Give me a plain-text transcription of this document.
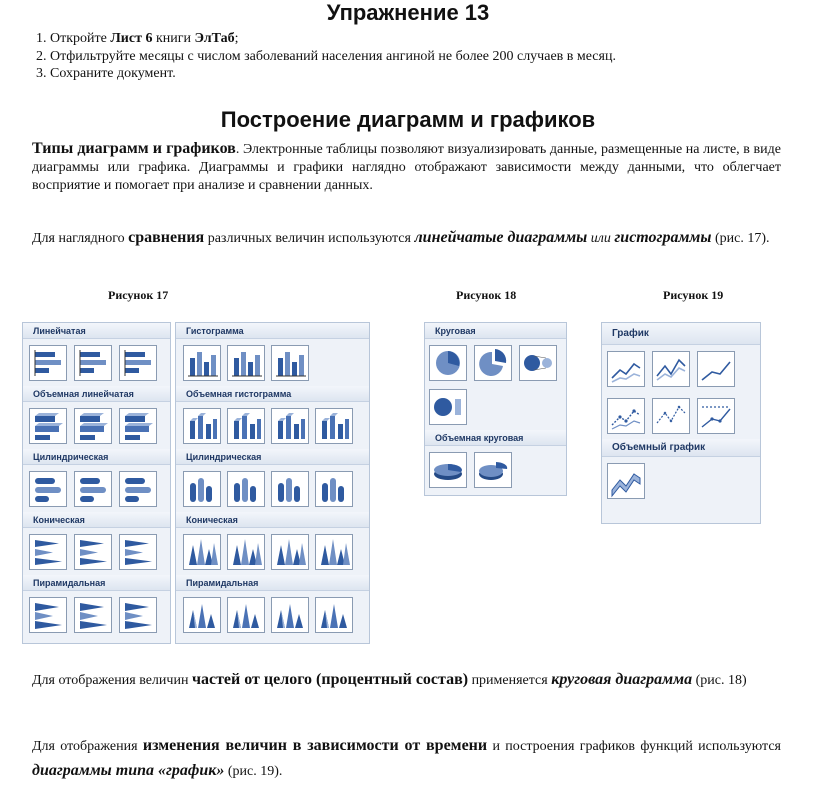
Упражнение 13
1. Откройте Лист 6 книги ЭлТаб;
2. Отфильтруйте месяцы с числом заболеваний населения ангиной не более 200 случаев в месяц.
3. Сохраните документ.
Построение диаграмм и графиков
Типы диаграмм и графиков. Электронные таблицы позволяют визуализировать данные, размещенные на листе, в виде диаграммы или графика. Диаграммы и графики наглядно отображают зависимости между данными, что облегчает восприятие и помогает при анализе и сравнении данных.
Для наглядного сравнения различных величин используются линейчатые диаграммы или гистограммы (рис. 17).
Рисунок 17	Рисунок 18	Рисунок 19
Линейчатая
Объемная линейчатая
Цилиндрическая
Коническая
Пирамидальная
Гистограмма
Объемная гистограмма
Цилиндрическая
Коническая
Пирамидальная
Круговая
Объемная круговая
График
Объемный график
Для отображения величин частей от целого (процентный состав) применяется круговая диаграмма (рис. 18)
Для отображения изменения величин в зависимости от времени и построения графиков функций используются диаграммы типа «график» (рис. 19).
